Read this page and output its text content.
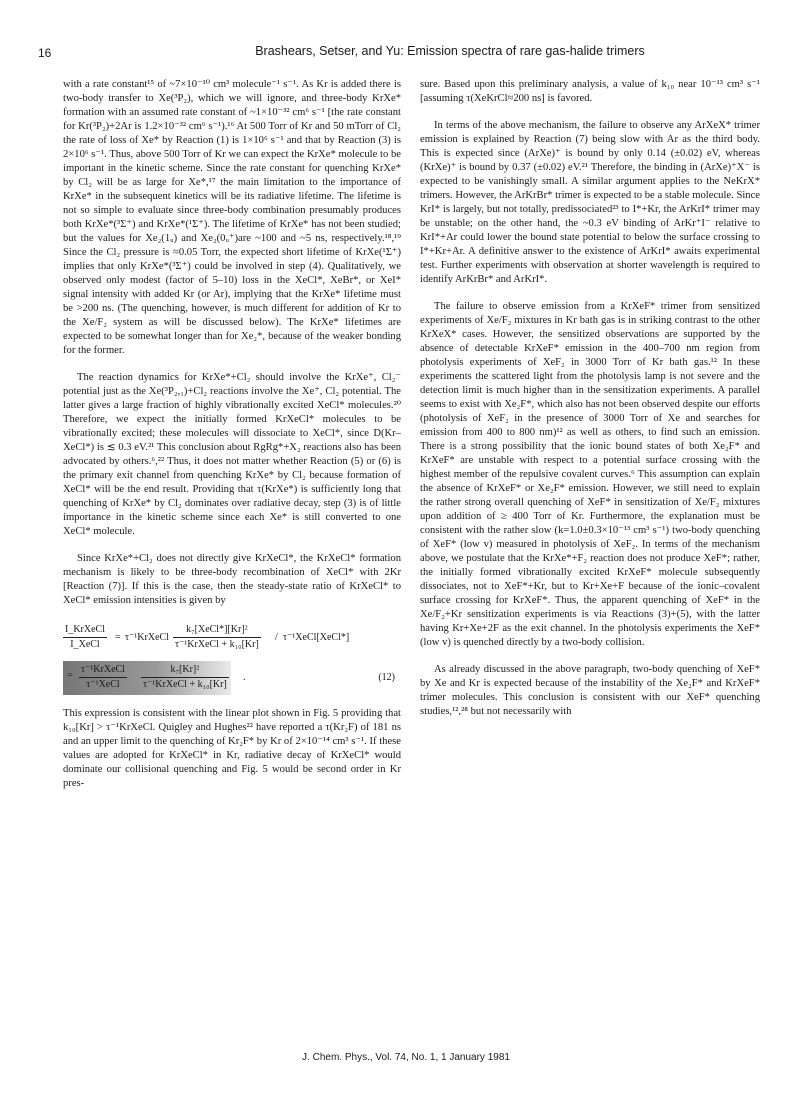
16	Brashears, Setser, and Yu: Emission spectra of rare gas-halide trimers

with a rate constant¹⁵ of ~7×10⁻¹⁰ cm³ molecule⁻¹ s⁻¹. As Kr is added there is two-body transfer to Xe(³P₂), which we will ignore, and three-body KrXe* formation with an assumed rate constant of ~1×10⁻³² cm⁶ s⁻¹ [the rate constant for Kr(³P₂)+2Ar is 1.2×10⁻³² cm⁶ s⁻¹).¹⁶ At 500 Torr of Kr and 50 mTorr of Cl₂ the rate of loss of Xe* by Reaction (1) is 1×10⁶ s⁻¹ and that by Reaction (3) is 2×10⁶ s⁻¹. Thus, above 500 Torr of Kr we can expect the KrXe* molecule to be important in the kinetic scheme. Since the rate constant for quenching KrXe* by Cl₂ will be as large for Xe*,¹⁷ the main limitation to the importance of KrXe* in the subsequent kinetics will be its radiative lifetime. The lifetime is not so simple to evaluate since three-body combination presumably produces both KrXe*(³Σ⁺) and KrXe*(¹Σ⁺). The lifetime of KrXe* has not been studied; but the values for Xe₂(1ᵤ) and Xe₂(0ᵤ⁺)are ~100 and ~5 ns, respectively.¹⁸,¹⁹ Since the Cl₂ pressure is ≈0.05 Torr, the expected short lifetime of KrXe(¹Σ⁺) implies that only KrXe*(³Σ⁺) could be involved in step (4). Qualitatively, we observed only modest (factor of 5–10) loss in the XeCl*, XeBr*, or XeI* signal intensity with added Kr (or Ar), implying that the KrXe* lifetime must be >200 ns. (The quenching, however, is much different for addition of Kr to the Xe/F₂ system as will be discussed below). The KrXe* lifetimes are expected to be somewhat longer than for Xe₂*, because of the weaker bonding for the former.

The reaction dynamics for KrXe*+Cl₂ should involve the KrXe⁺, Cl₂⁻ potential just as the Xe(³P₂,₁)+Cl₂ reactions involve the Xe⁺, Cl₂ potential. The latter gives a large fraction of highly vibrationally excited XeCl* molecules.²⁰ Therefore, we expect the initially formed KrXeCl* molecules to be vibrationally excited; these molecules will dissociate to XeCl*, since D(Kr–XeCl*) is ≲ 0.3 eV.²¹ This conclusion about RgRg*+X₂ reactions also has been advocated by others.⁶,²² Thus, it does not matter whether Reaction (5) or (6) is the primary exit channel from quenching KrXe* by Cl₂ because formation of XeCl* will be the end result. Providing that τ(KrXe*) is sufficiently long that quenching of KrXe* by Cl₂ dominates over radiative decay, step (3) is of little importance in the kinetic scheme since each Xe* is still converted to one XeCl* molecule.

Since KrXe*+Cl₂ does not directly give KrXeCl*, the KrXeCl* formation mechanism is likely to be three-body recombination of XeCl* with 2Kr [Reaction (7)]. If this is the case, then the steady-state ratio of KrXeCl* to XeCl* emission intensities is given by

I_KrXeCl
I_XeCl
= τ⁻¹KrXeCl
k₇[XeCl*][Kr]²
τ⁻¹KrXeCl + k₁₀[Kr]
/ τ⁻¹XeCl[XeCl*]
=
τ⁻¹KrXeCl
τ⁻¹XeCl
k₇[Kr]²
τ⁻¹KrXeCl + k₁₀[Kr]
.	(12)

This expression is consistent with the linear plot shown in Fig. 5 providing that k₁₀[Kr] > τ⁻¹KrXeCl. Quigley and Hughes²² have reported a τ(Kr₂F) of 181 ns and an upper limit to the quenching of Kr₂F* by Kr of 2×10⁻¹⁴ cm³ s⁻¹. If these values are adopted for KrXeCl* in Kr, radiative decay of KrXeCl* would dominate our collisional quenching and Fig. 5 would be second order in Kr pres-

sure. Based upon this preliminary analysis, a value of k₁₀ near 10⁻¹³ cm³ s⁻¹ [assuming τ(XeKrCl≈200 ns] is favored.

In terms of the above mechanism, the failure to observe any ArXeX* trimer emission is explained by Reaction (7) being slow with Ar as the third body. This is expected since (ArXe)⁺ is bound by only 0.14 (±0.02) eV, whereas (KrXe)⁺ is bound by 0.37 (±0.02) eV.²¹ Therefore, the binding in (ArXe)⁺X⁻ is expected to be vanishingly small. A similar argument applies to the NeKrX* trimers. However, the ArKrBr* trimer is expected to be a stable molecule. Since KrI* is largely, but not totally, predissociated²³ to I*+Kr, the ArKrI* trimer may be unstable; on the other hand, the ~0.3 eV binding of ArKr⁺I⁻ relative to KrI*+Ar could lower the bound state potential to below the surface crossing to I*+Kr+Ar. A definitive answer to the existence of ArKrI* awaits experimental test. Further experiments with observation at shorter wavelength is required to identify ArKrBr* and ArKrI*.

The failure to observe emission from a KrXeF* trimer from sensitized experiments of Xe/F₂ mixtures in Kr bath gas is in striking contrast to the other KrXeX* cases. However, the sensitized observations are supported by the absence of detectable KrXeF* emission in the 400–700 nm region from photolysis experiments of XeF₂ in 3000 Torr of Kr bath gas.¹² In these experiments the scattered light from the photolysis lamp is not severe and the detection limit is much higher than in the sensitization experiments. A parallel seems to exist with Xe₂F*, which also has not been observed despite our efforts (photolysis of XeF₂ in the presence of 3000 Torr of Xe and searches for emission from 400 to 800 nm)¹² as well as others, to find such an emission. There is a strong possibility that the ionic bound states of both Xe₂F* and KrXeF* are unstable with respect to a potential surface crossing with the highest member of the repulsive covalent curves.⁶ This assumption can explain the absence of KrXeF* or Xe₂F* emission. However, we still need to explain the rather strong overall quenching of XeF* in sensitization of Xe/F₂ mixtures upon addition of ≥ 400 Torr of Kr. Furthermore, the explanation must be consistent with the rather slow (k=1.0±0.3×10⁻¹³ cm³ s⁻¹) two-body quenching of XeF* (low v) measured in photolysis of XeF₂. In terms of the mechanism above, we postulate that the KrXe*+F₂ reaction does not produce XeF*; rather, the initially formed vibrationally excited KrXeF* molecule subsequently dissociates, not to XeF*+Kr, but to Kr+Xe+F because of the ionic–covalent surface crossing for KrXeF*. Thus, the apparent quenching of XeF* in the Xe/F₂+Kr sensitization experiments is via Reactions (3)+(5), with the latter having Kr+Xe+2F as the exit channel. In the photolysis experiments the XeF* (low v) is quenched directly by a two-body collision.

As already discussed in the above paragraph, two-body quenching of XeF* by Xe and Kr is expected because of the instability of the Xe₂F* and KrXeF* trimer molecules. This conclusion is consistent with our XeF* quenching studies,¹²,²⁸ but not necessarily with

J. Chem. Phys., Vol. 74, No. 1, 1 January 1981
